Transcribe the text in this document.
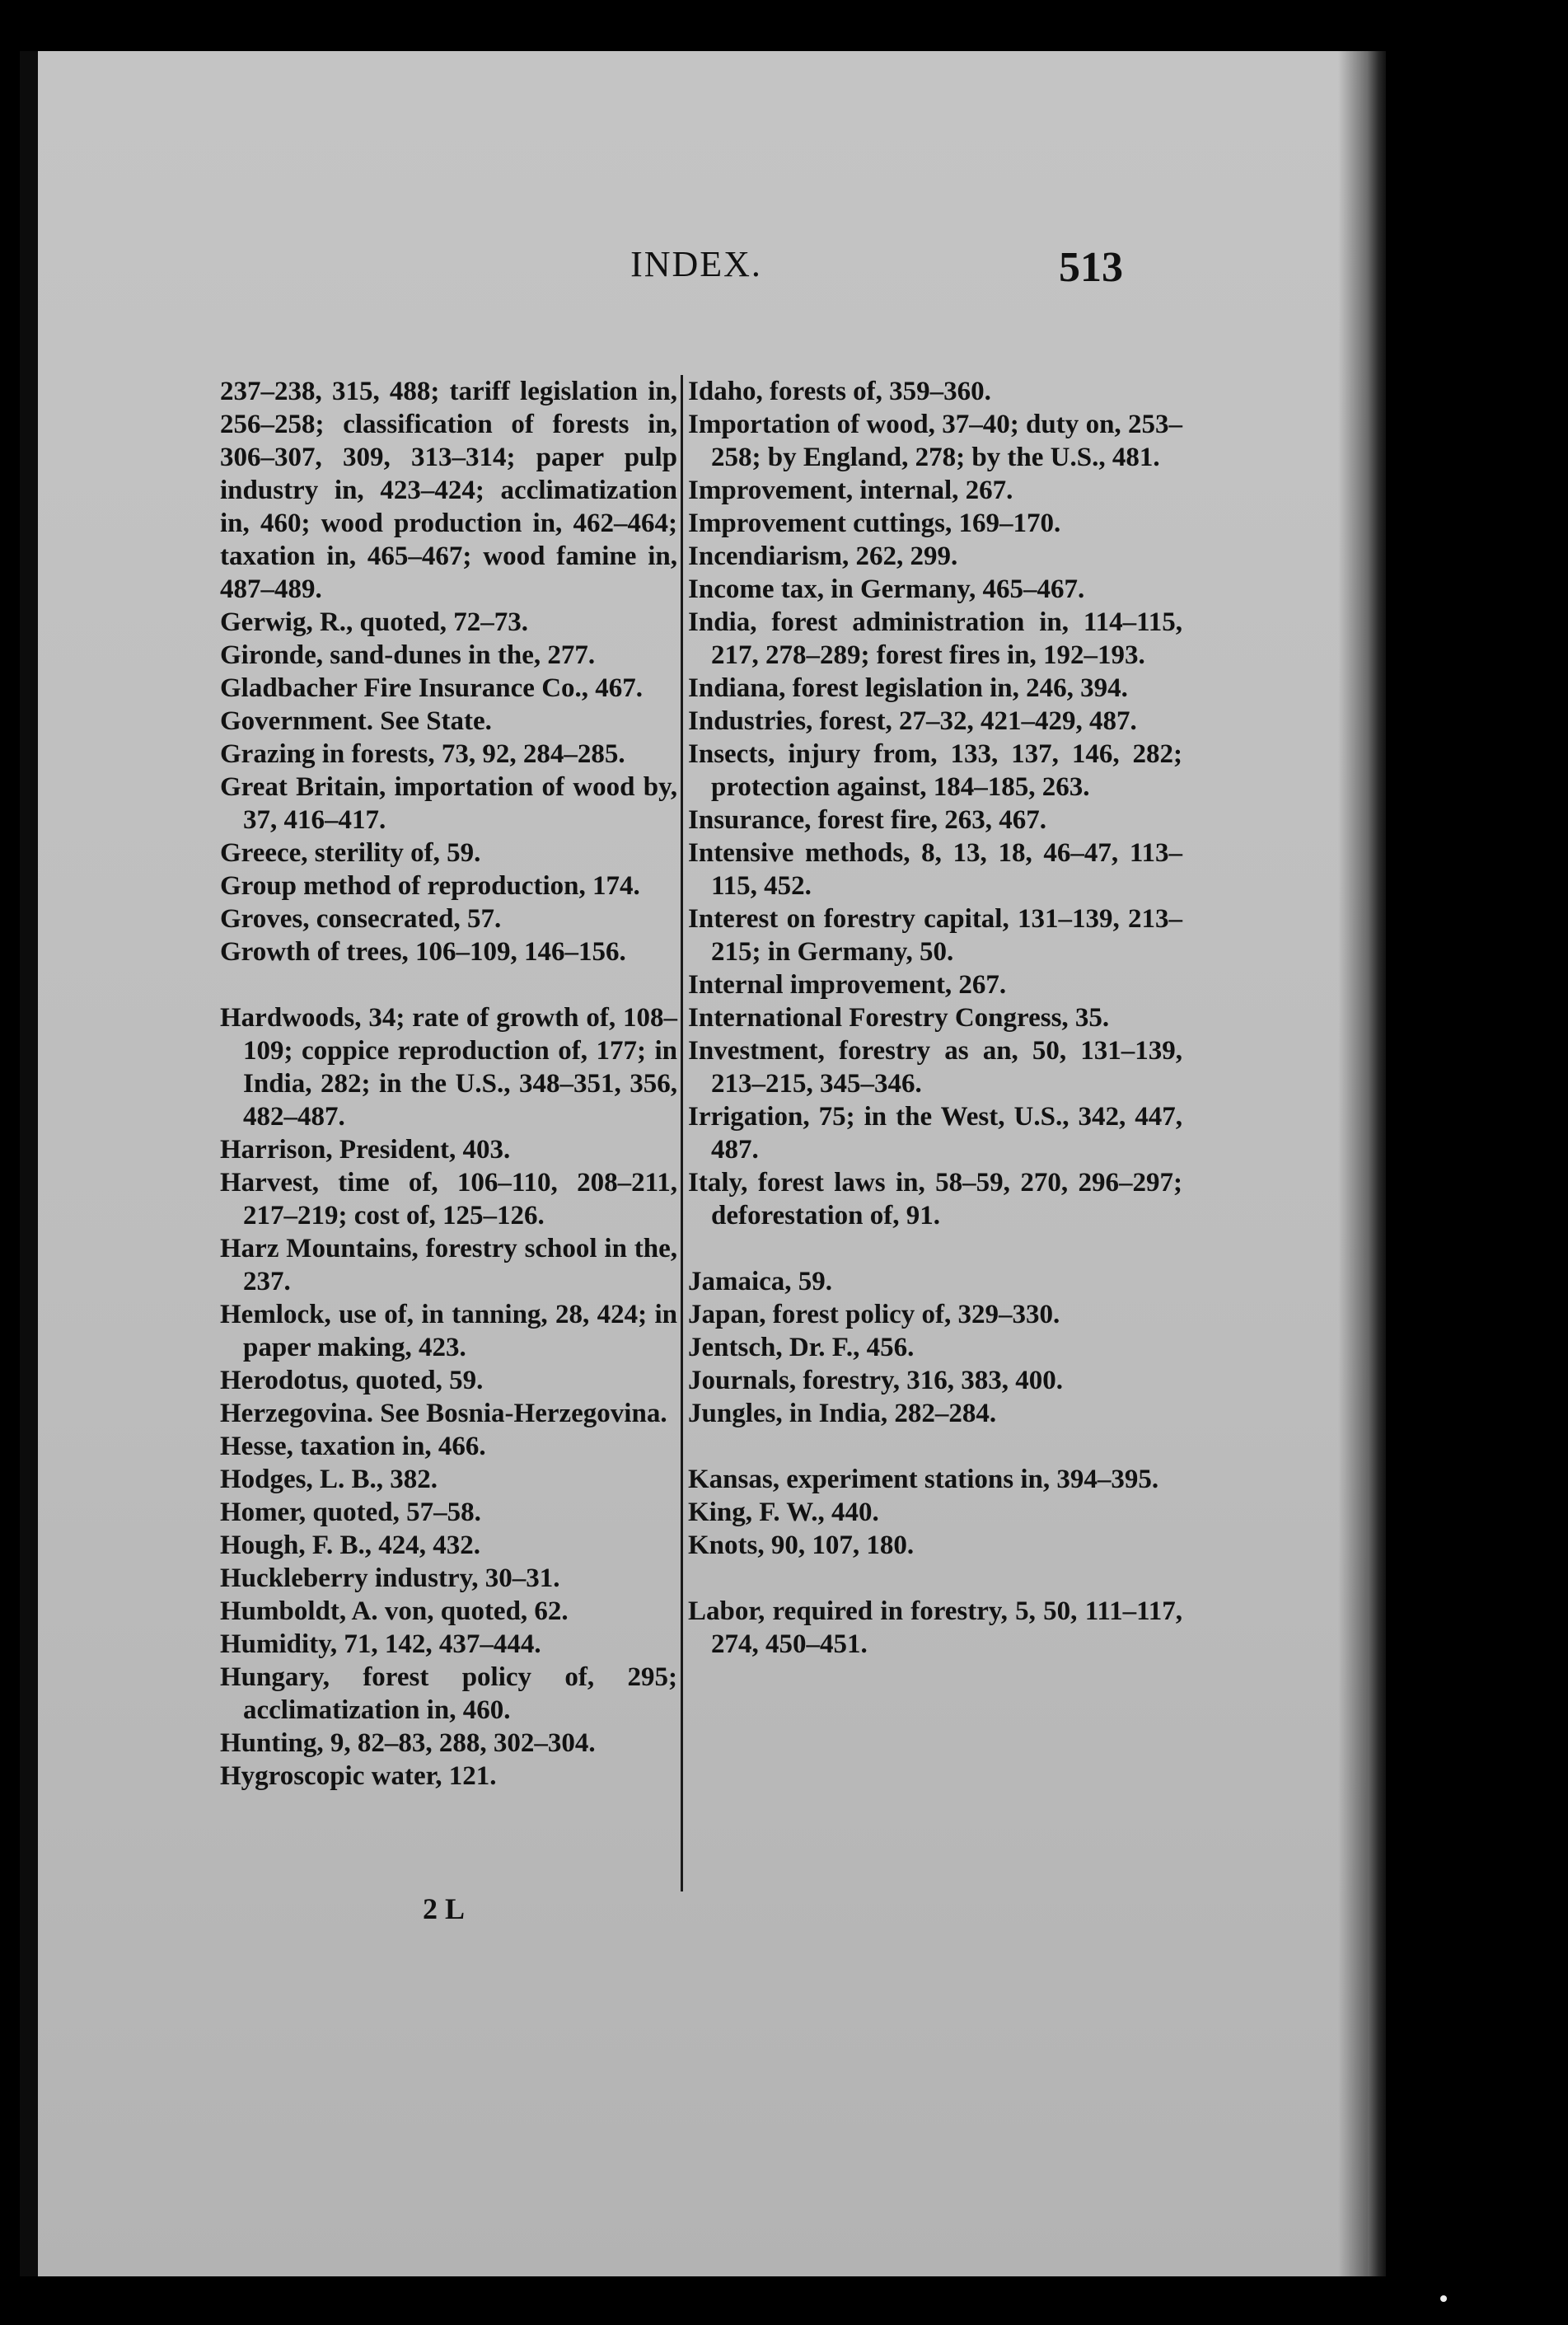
INDEX.	513

237–238, 315, 488; tariff legislation in, 256–258; classification of forests in, 306–307, 309, 313–314; paper pulp industry in, 423–424; acclimatization in, 460; wood production in, 462–464; taxation in, 465–467; wood famine in, 487–489.

Gerwig, R., quoted, 72–73.

Gironde, sand-dunes in the, 277.

Gladbacher Fire Insurance Co., 467.

Government. See State.

Grazing in forests, 73, 92, 284–285.

Great Britain, importation of wood by, 37, 416–417.

Greece, sterility of, 59.

Group method of reproduction, 174.

Groves, consecrated, 57.

Growth of trees, 106–109, 146–156.

Hardwoods, 34; rate of growth of, 108–109; coppice reproduction of, 177; in India, 282; in the U.S., 348–351, 356, 482–487.

Harrison, President, 403.

Harvest, time of, 106–110, 208–211, 217–219; cost of, 125–126.

Harz Mountains, forestry school in the, 237.

Hemlock, use of, in tanning, 28, 424; in paper making, 423.

Herodotus, quoted, 59.

Herzegovina. See Bosnia-Herzegovina.

Hesse, taxation in, 466.

Hodges, L. B., 382.

Homer, quoted, 57–58.

Hough, F. B., 424, 432.

Huckleberry industry, 30–31.

Humboldt, A. von, quoted, 62.

Humidity, 71, 142, 437–444.

Hungary, forest policy of, 295; acclimatization in, 460.

Hunting, 9, 82–83, 288, 302–304.

Hygroscopic water, 121.

Idaho, forests of, 359–360.

Importation of wood, 37–40; duty on, 253–258; by England, 278; by the U.S., 481.

Improvement, internal, 267.

Improvement cuttings, 169–170.

Incendiarism, 262, 299.

Income tax, in Germany, 465–467.

India, forest administration in, 114–115, 217, 278–289; forest fires in, 192–193.

Indiana, forest legislation in, 246, 394.

Industries, forest, 27–32, 421–429, 487.

Insects, injury from, 133, 137, 146, 282; protection against, 184–185, 263.

Insurance, forest fire, 263, 467.

Intensive methods, 8, 13, 18, 46–47, 113–115, 452.

Interest on forestry capital, 131–139, 213–215; in Germany, 50.

Internal improvement, 267.

International Forestry Congress, 35.

Investment, forestry as an, 50, 131–139, 213–215, 345–346.

Irrigation, 75; in the West, U.S., 342, 447, 487.

Italy, forest laws in, 58–59, 270, 296–297; deforestation of, 91.

Jamaica, 59.

Japan, forest policy of, 329–330.

Jentsch, Dr. F., 456.

Journals, forestry, 316, 383, 400.

Jungles, in India, 282–284.

Kansas, experiment stations in, 394–395.

King, F. W., 440.

Knots, 90, 107, 180.

Labor, required in forestry, 5, 50, 111–117, 274, 450–451.

2 L
